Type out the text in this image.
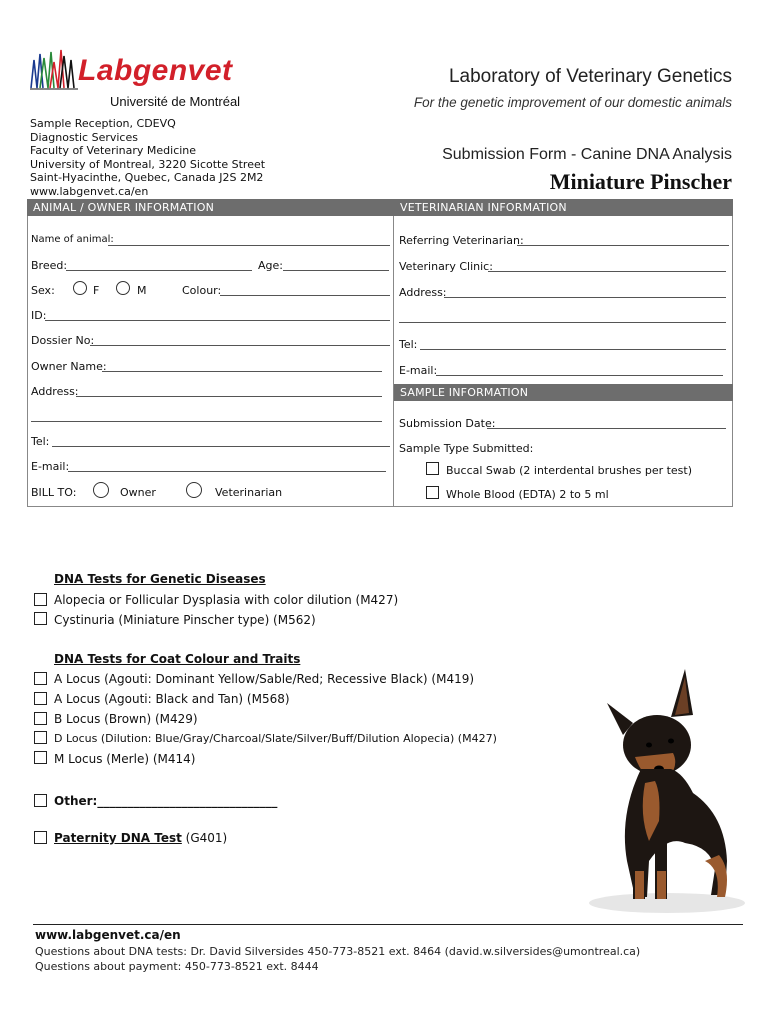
Labgenvet
Université de Montréal
Laboratory of Veterinary Genetics
For the genetic improvement of our domestic animals
Sample Reception, CDEVQ
Diagnostic Services
Faculty of Veterinary Medicine
University of Montreal, 3220 Sicotte Street
Saint-Hyacinthe, Quebec, Canada J2S 2M2
www.labgenvet.ca/en
Submission Form - Canine DNA Analysis
Miniature Pinscher
ANIMAL / OWNER INFORMATION	VETERINARIAN INFORMATION
Name of animal:
Breed:	Age:
Sex:	F	M	Colour:
ID:
Dossier No:
Owner Name:
Address:
Tel:
E-mail:
BILL TO:	Owner	Veterinarian
Referring Veterinarian:
Veterinary Clinic:
Address:
Tel:
E-mail:
SAMPLE INFORMATION
Submission Date:
Sample Type Submitted:
Buccal Swab (2 interdental brushes per test)
Whole Blood (EDTA) 2 to 5 ml
DNA Tests for Genetic Diseases
Alopecia or Follicular Dysplasia with color dilution (M427)
Cystinuria (Miniature Pinscher type) (M562)
DNA Tests for Coat Colour and Traits
A Locus (Agouti: Dominant Yellow/Sable/Red; Recessive Black) (M419)
A Locus (Agouti: Black and Tan) (M568)
B Locus (Brown) (M429)
D Locus (Dilution: Blue/Gray/Charcoal/Slate/Silver/Buff/Dilution Alopecia) (M427)
M Locus (Merle) (M414)
Other:______________________________
Paternity DNA Test (G401)
www.labgenvet.ca/en
Questions about DNA tests: Dr. David Silversides 450-773-8521 ext. 8464 (david.w.silversides@umontreal.ca)
Questions about payment: 450-773-8521 ext. 8444
